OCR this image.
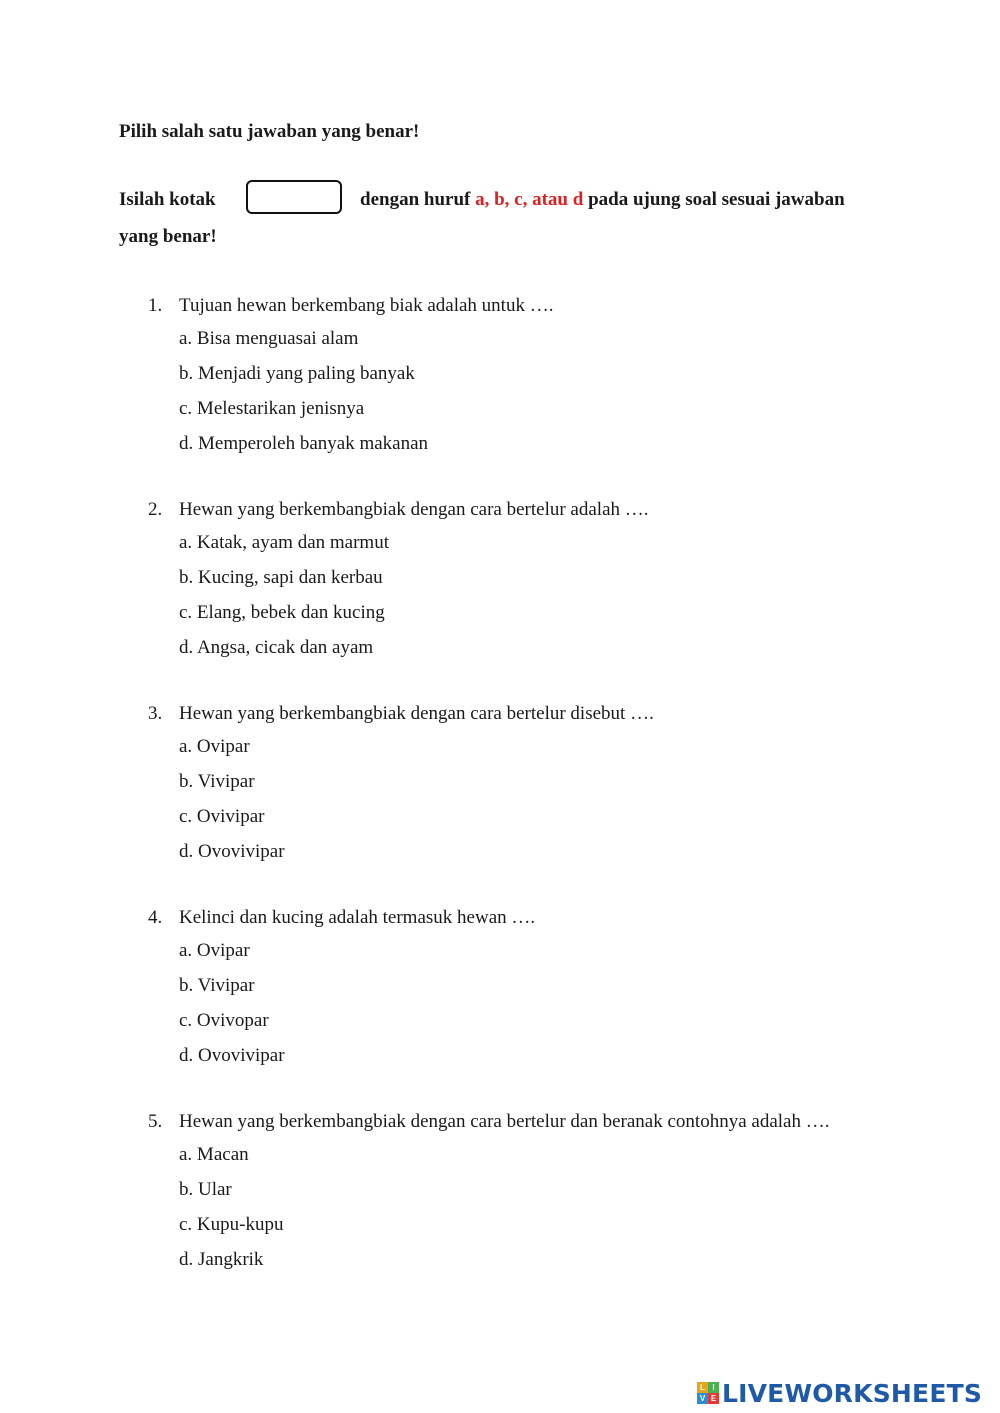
Pilih salah satu jawaban yang benar!
Isilah kotak	dengan huruf a, b, c, atau d pada ujung soal sesuai jawaban
yang benar!
1. Tujuan hewan berkembang biak adalah untuk ….
a. Bisa menguasai alam
b. Menjadi yang paling banyak
c. Melestarikan jenisnya
d. Memperoleh banyak makanan
2. Hewan yang berkembangbiak dengan cara bertelur adalah ….
a. Katak, ayam dan marmut
b. Kucing, sapi dan kerbau
c. Elang, bebek dan kucing
d. Angsa, cicak dan ayam
3. Hewan yang berkembangbiak dengan cara bertelur disebut ….
a. Ovipar
b. Vivipar
c. Ovivipar
d. Ovovivipar
4. Kelinci dan kucing adalah termasuk hewan ….
a. Ovipar
b. Vivipar
c. Ovivopar
d. Ovovivipar
5. Hewan yang berkembangbiak dengan cara bertelur dan beranak contohnya adalah ….
a. Macan
b. Ular
c. Kupu-kupu
d. Jangkrik
L I
V E LIVEWORKSHEETS
